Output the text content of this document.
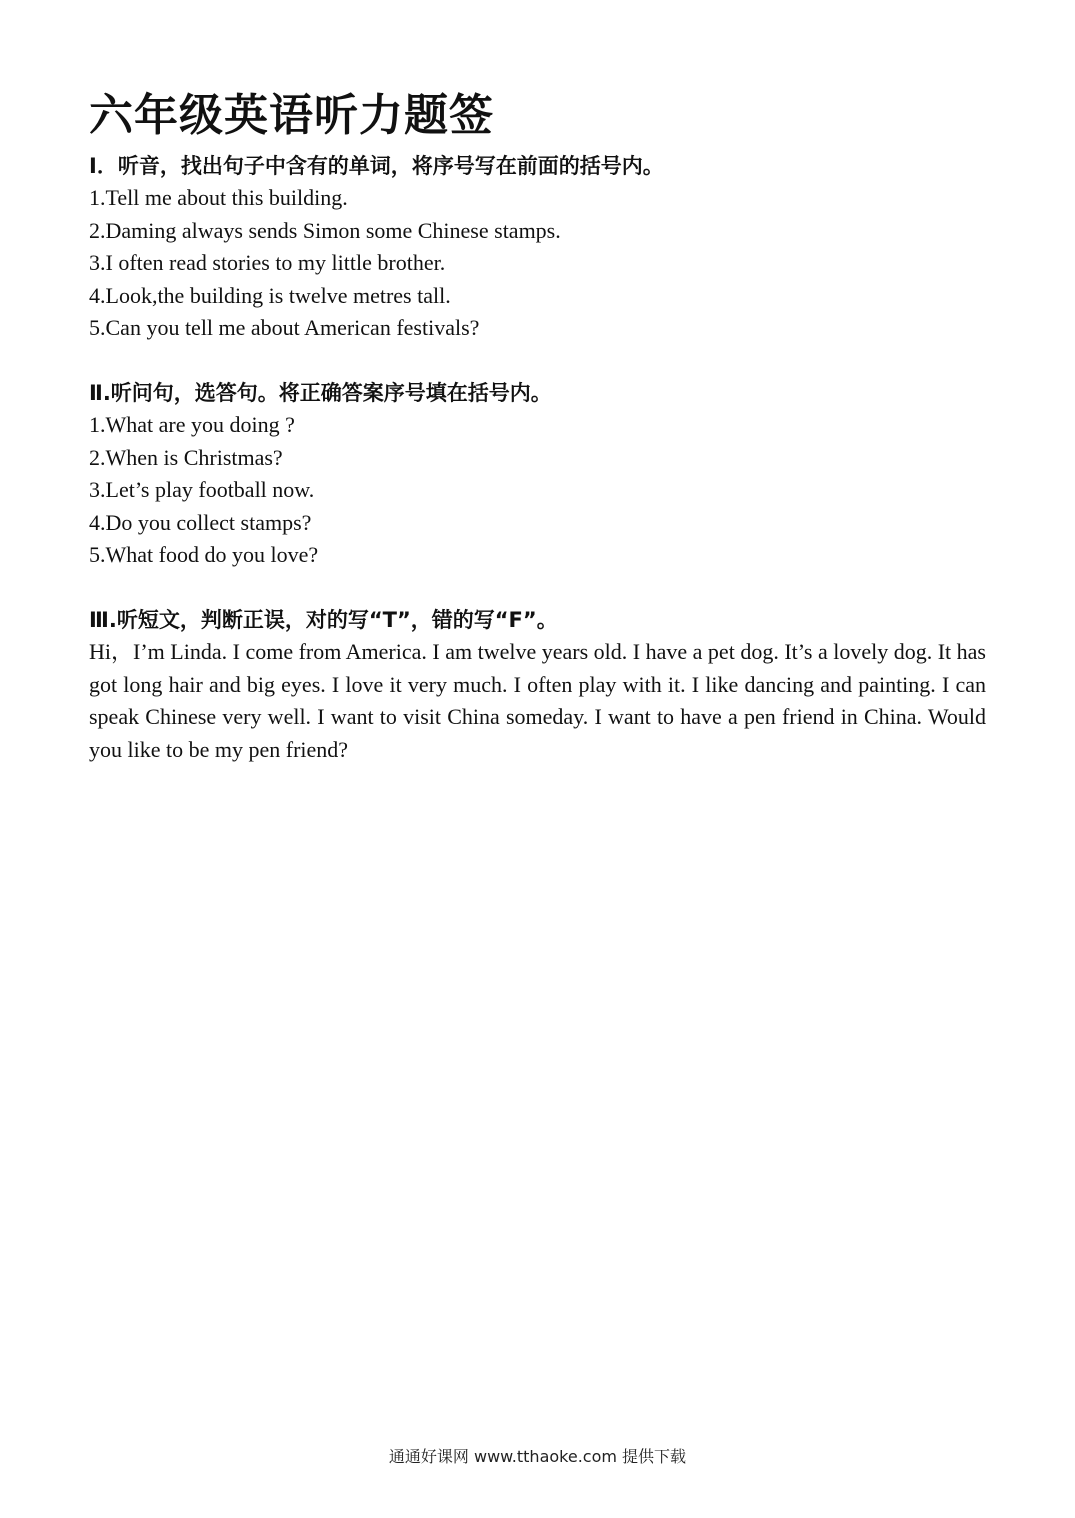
六年级英语听力题签
Ⅰ．听音，找出句子中含有的单词，将序号写在前面的括号内。
1.Tell me about this building.
2.Daming always sends Simon some Chinese stamps.
3.I often read stories to my little brother.
4.Look,the building is twelve metres tall.
5.Can you tell me about American festivals?
Ⅱ.听问句，选答句。将正确答案序号填在括号内。
1.What are you doing ?
2.When is Christmas?
3.Let’s play football now.
4.Do you collect stamps?
5.What food do you love?
Ⅲ.听短文，判断正误，对的写“T”，错的写“F”。

Hi，I’m Linda. I come from America. I am twelve years old. I have a pet dog. It’s a lovely dog. It has got long hair and big eyes. I love it very much. I often play with it. I like dancing and painting. I can speak Chinese very well. I want to visit China someday. I want to have a pen friend in China. Would you like to be my pen friend?

通通好课网 www.tthaoke.com 提供下载
